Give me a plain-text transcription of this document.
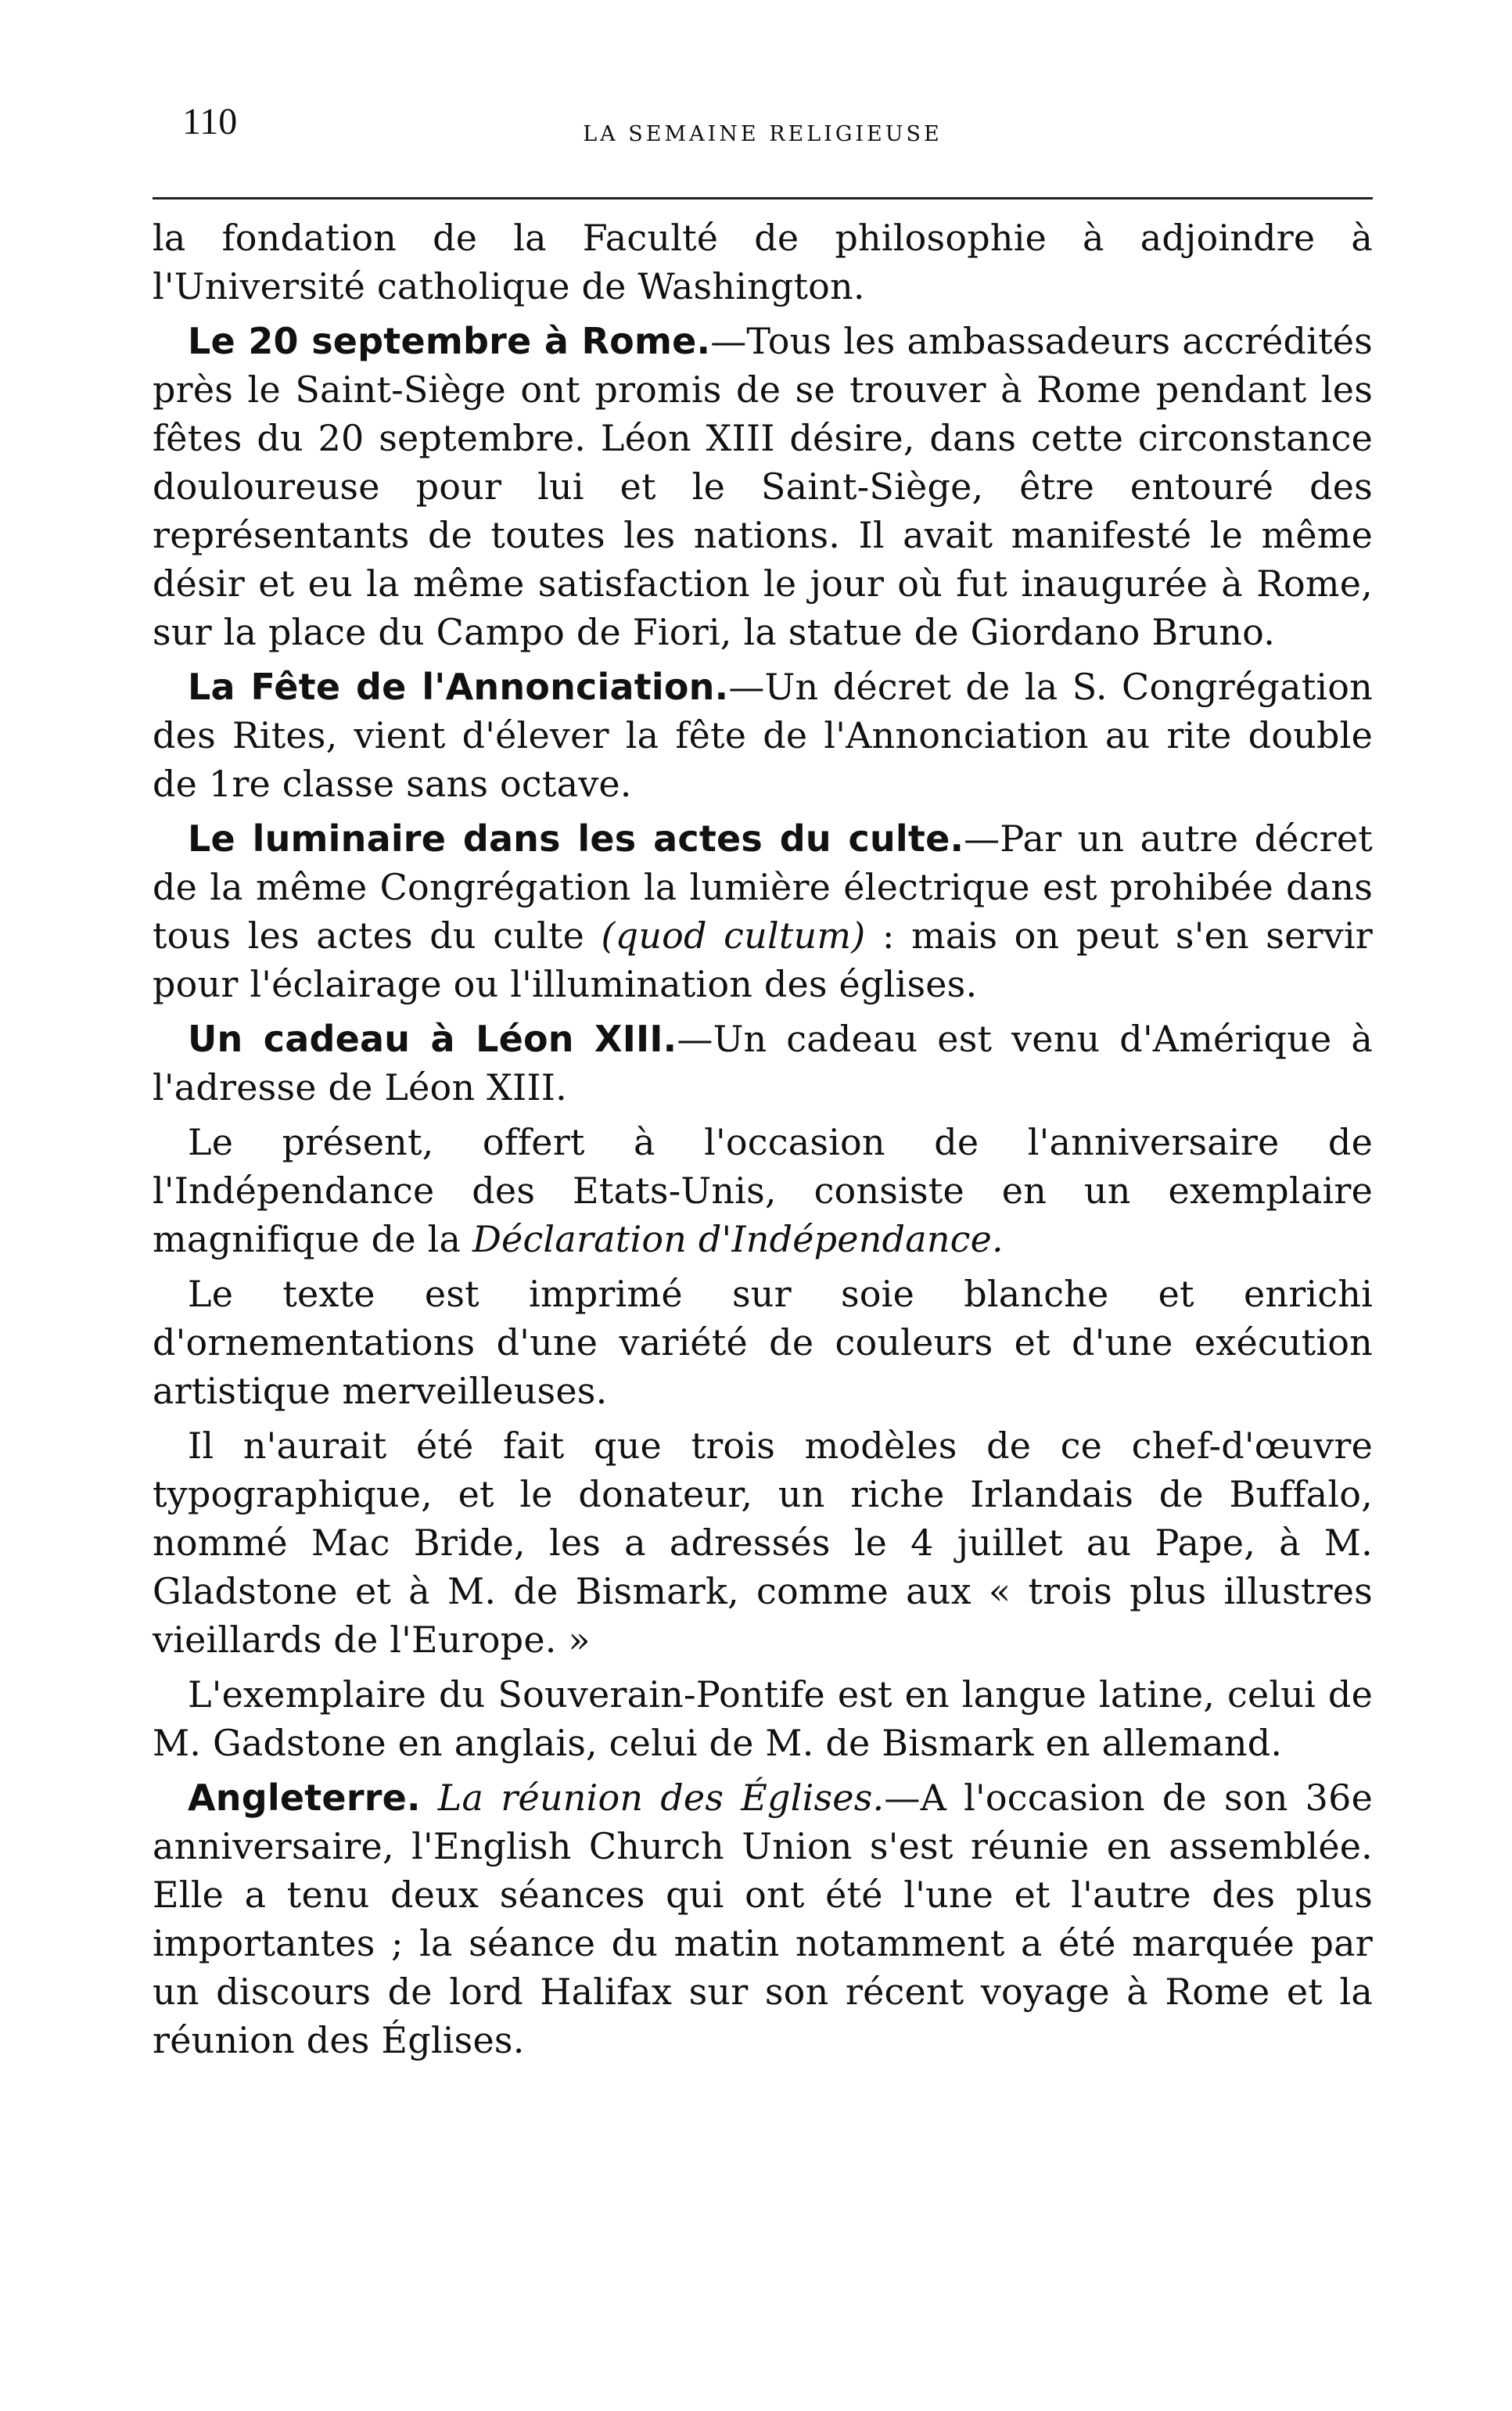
110	LA SEMAINE RELIGIEUSE

la fondation de la Faculté de philosophie à adjoindre à l'Université catholique de Washington.

Le 20 septembre à Rome.—Tous les ambassadeurs accrédités près le Saint-Siège ont promis de se trouver à Rome pendant les fêtes du 20 septembre. Léon XIII désire, dans cette circonstance douloureuse pour lui et le Saint-Siège, être entouré des représentants de toutes les nations. Il avait manifesté le même désir et eu la même satisfaction le jour où fut inaugurée à Rome, sur la place du Campo de Fiori, la statue de Giordano Bruno.

La Fête de l'Annonciation.—Un décret de la S. Congrégation des Rites, vient d'élever la fête de l'Annonciation au rite double de 1re classe sans octave.

Le luminaire dans les actes du culte.—Par un autre décret de la même Congrégation la lumière électrique est prohibée dans tous les actes du culte (quod cultum) : mais on peut s'en servir pour l'éclairage ou l'illumination des églises.

Un cadeau à Léon XIII.—Un cadeau est venu d'Amérique à l'adresse de Léon XIII.

Le présent, offert à l'occasion de l'anniversaire de l'Indépendance des Etats-Unis, consiste en un exemplaire magnifique de la Déclaration d'Indépendance.

Le texte est imprimé sur soie blanche et enrichi d'ornementations d'une variété de couleurs et d'une exécution artistique merveilleuses.

Il n'aurait été fait que trois modèles de ce chef-d'œuvre typographique, et le donateur, un riche Irlandais de Buffalo, nommé Mac Bride, les a adressés le 4 juillet au Pape, à M. Gladstone et à M. de Bismark, comme aux « trois plus illustres vieillards de l'Europe. »

L'exemplaire du Souverain-Pontife est en langue latine, celui de M. Gadstone en anglais, celui de M. de Bismark en allemand.

Angleterre. La réunion des Églises.—A l'occasion de son 36e anniversaire, l'English Church Union s'est réunie en assemblée. Elle a tenu deux séances qui ont été l'une et l'autre des plus importantes ; la séance du matin notamment a été marquée par un discours de lord Halifax sur son récent voyage à Rome et la réunion des Églises.
